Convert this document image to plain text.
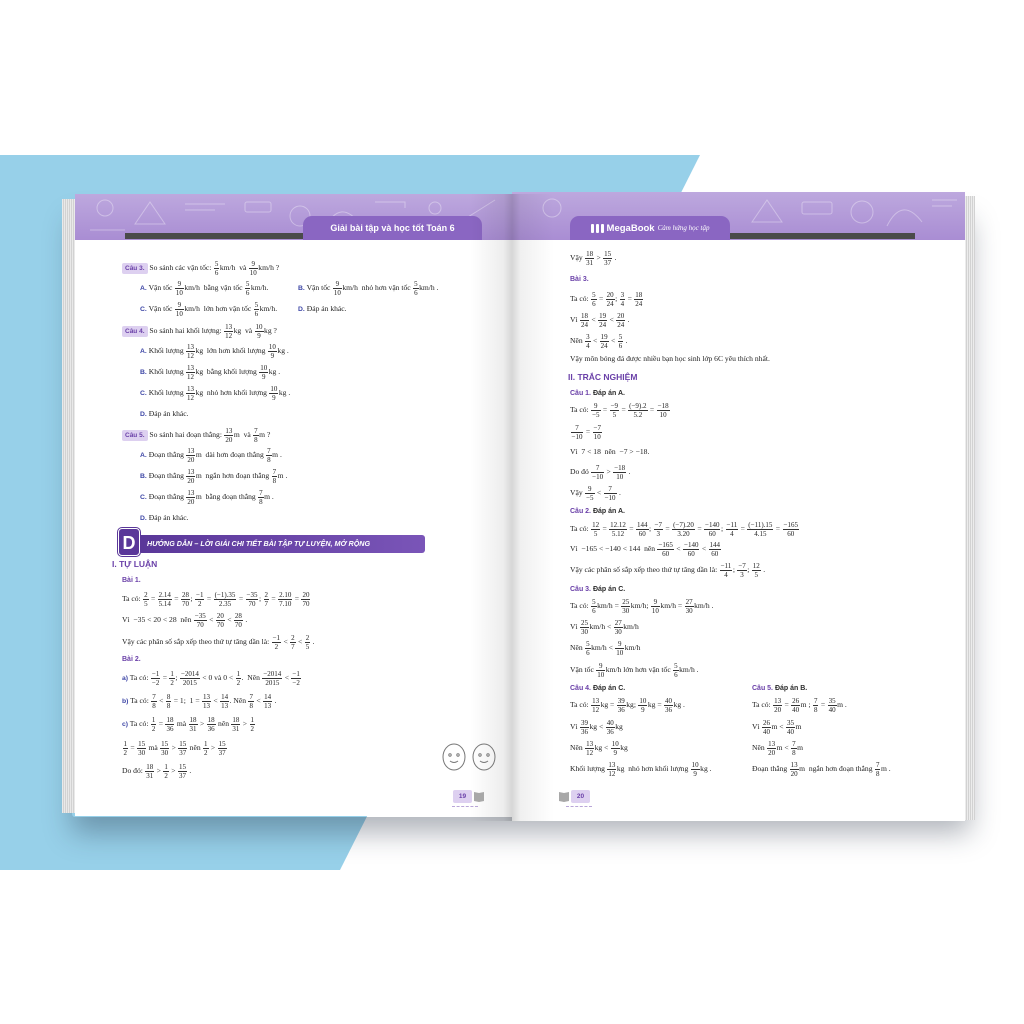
Giải bài tập và học tốt Toán 6	MegaBook Cảm hứng học tập
D	HƯỚNG DẪN – LỜI GIẢI CHI TIẾT BÀI TẬP TỰ LUYỆN, MỞ RỘNG
19	20
Câu 3. So sánh các vận tốc: $\frac{5}{6} km/h$  và $\frac{9}{10} km/h$ ?
A. Vận tốc $\frac{9}{10} km/h$  bằng vận tốc $\frac{5}{6} km/h$.	B. Vận tốc $\frac{9}{10} km/h$  nhỏ hơn vận tốc $\frac{5}{6} km/h$ .
C. Vận tốc $\frac{9}{10} km/h$  lớn hơn vận tốc $\frac{5}{6} km/h$.	D. Đáp án khác.
Câu 4. So sánh hai khối lượng: $\frac{13}{12}$ kg  và $\frac{10}{9}$ kg ?
A. Khối lượng $\frac{13}{12}$ kg  lớn hơn khối lượng $\frac{10}{9}$ kg .
B. Khối lượng $\frac{13}{12}$ kg  bằng khối lượng $\frac{10}{9}$ kg .
C. Khối lượng $\frac{13}{12}$ kg  nhỏ hơn khối lượng $\frac{10}{9}$ kg .
D. Đáp án khác.
Câu 5. So sánh hai đoạn thẳng: $\frac{13}{20}$ m  và $\frac{7}{8}$ m ?
A. Đoạn thẳng $\frac{13}{20}$ m  dài hơn đoạn thẳng $\frac{7}{8}$ m .
B. Đoạn thẳng $\frac{13}{20}$ m  ngắn hơn đoạn thẳng $\frac{7}{8}$ m .
C. Đoạn thẳng $\frac{13}{20}$ m  bằng đoạn thẳng $\frac{7}{8}$ m .
D. Đáp án khác.
I. TỰ LUẬN
Bài 1.
Ta có: $\frac{2}{5} = \frac{2.14}{5.14} = \frac{28}{70}$ ; $\frac{-1}{2} = \frac{(-1).35}{2.35} = \frac{-35}{70}$ ; $\frac{2}{7} = \frac{2.10}{7.10} = \frac{20}{70}$
Vì  −35 < 20 < 28  nên $\frac{-35}{70} < \frac{20}{70} < \frac{28}{70}$ .
Vậy các phân số sắp xếp theo thứ tự tăng dần là: $\frac{-1}{2} < \frac{2}{7} < \frac{2}{5}$ .
Bài 2.
a) Ta có: $\frac{-1}{-2} = \frac{1}{2}$ ; $\frac{-2014}{2015} < 0$ và $0 < \frac{1}{2}$ .  Nên $\frac{-2014}{2015} < \frac{-1}{-2}$
b) Ta có: $\frac{7}{8} < \frac{8}{8} = 1$;  $1 = \frac{13}{13} < \frac{14}{13}$ . Nên $\frac{7}{8} < \frac{14}{13}$ .
c) Ta có: $\frac{1}{2} = \frac{18}{36}$ mà $\frac{18}{31} > \frac{18}{36}$ nên $\frac{18}{31} > \frac{1}{2}$
$\frac{1}{2} = \frac{15}{30}$ mà $\frac{15}{30} > \frac{15}{37}$ nên $\frac{1}{2} > \frac{15}{37}$
Do đó: $\frac{18}{31} > \frac{1}{2} > \frac{15}{37}$ .
Vậy $\frac{18}{31} > \frac{15}{37}$ .
Bài 3.
Ta có: $\frac{5}{6} = \frac{20}{24}$ ; $\frac{3}{4} = \frac{18}{24}$
Vì $\frac{18}{24} < \frac{19}{24} < \frac{20}{24}$ .
Nên $\frac{3}{4} < \frac{19}{24} < \frac{5}{6}$ .
Vậy môn bóng đá được nhiều bạn học sinh lớp 6C yêu thích nhất.
II. TRẮC NGHIỆM
Câu 1. Đáp án A.
Ta có: $\frac{9}{-5} = \frac{-9}{5} = \frac{(-9).2}{5.2} = \frac{-18}{10}$
$\frac{7}{-10} = \frac{-7}{10}$
Vì  7 < 18  nên  −7 > −18.
Do đó $\frac{7}{-10} > \frac{-18}{10}$ .
Vậy $\frac{9}{-5} < \frac{7}{-10}$ .
Câu 2. Đáp án A.
Ta có: $\frac{12}{5} = \frac{12.12}{5.12} = \frac{144}{60}$ ; $\frac{-7}{3} = \frac{(-7).20}{3.20} = \frac{-140}{60}$ ; $\frac{-11}{4} = \frac{(-11).15}{4.15} = \frac{-165}{60}$
Vì  −165 < −140 < 144  nên $\frac{-165}{60} < \frac{-140}{60} < \frac{144}{60}$
Vậy các phân số sắp xếp theo thứ tự tăng dần là: $\frac{-11}{4}$ ; $\frac{-7}{3}$ ; $\frac{12}{5}$ .
Câu 3. Đáp án C.
Ta có: $\frac{5}{6} km/h = \frac{25}{30} km/h$; $\frac{9}{10} km/h = \frac{27}{30} km/h$ .
Vì $\frac{25}{30} km/h < \frac{27}{30} km/h$
Nên $\frac{5}{6} km/h < \frac{9}{10} km/h$
Vận tốc $\frac{9}{10} km/h$ lớn hơn vận tốc $\frac{5}{6} km/h$ .
Câu 4. Đáp án C.
Ta có: $\frac{13}{12}$ kg = $\frac{39}{36}$ kg; $\frac{10}{9}$ kg = $\frac{40}{36}$ kg .
Vì $\frac{39}{36}$ kg < $\frac{40}{36}$ kg
Nên $\frac{13}{12}$ kg < $\frac{10}{9}$ kg
Khối lượng $\frac{13}{12}$ kg  nhỏ hơn khối lượng $\frac{10}{9}$ kg .
Câu 5. Đáp án B.
Ta có: $\frac{13}{20} = \frac{26}{40}$ m ; $\frac{7}{8} = \frac{35}{40}$ m .
Vì $\frac{26}{40}$ $m < \frac{35}{40}$ m
Nên $\frac{13}{20}$ $m < \frac{7}{8}$ m
Đoạn thẳng $\frac{13}{20}$ m  ngắn hơn đoạn thẳng $\frac{7}{8}$ m .
